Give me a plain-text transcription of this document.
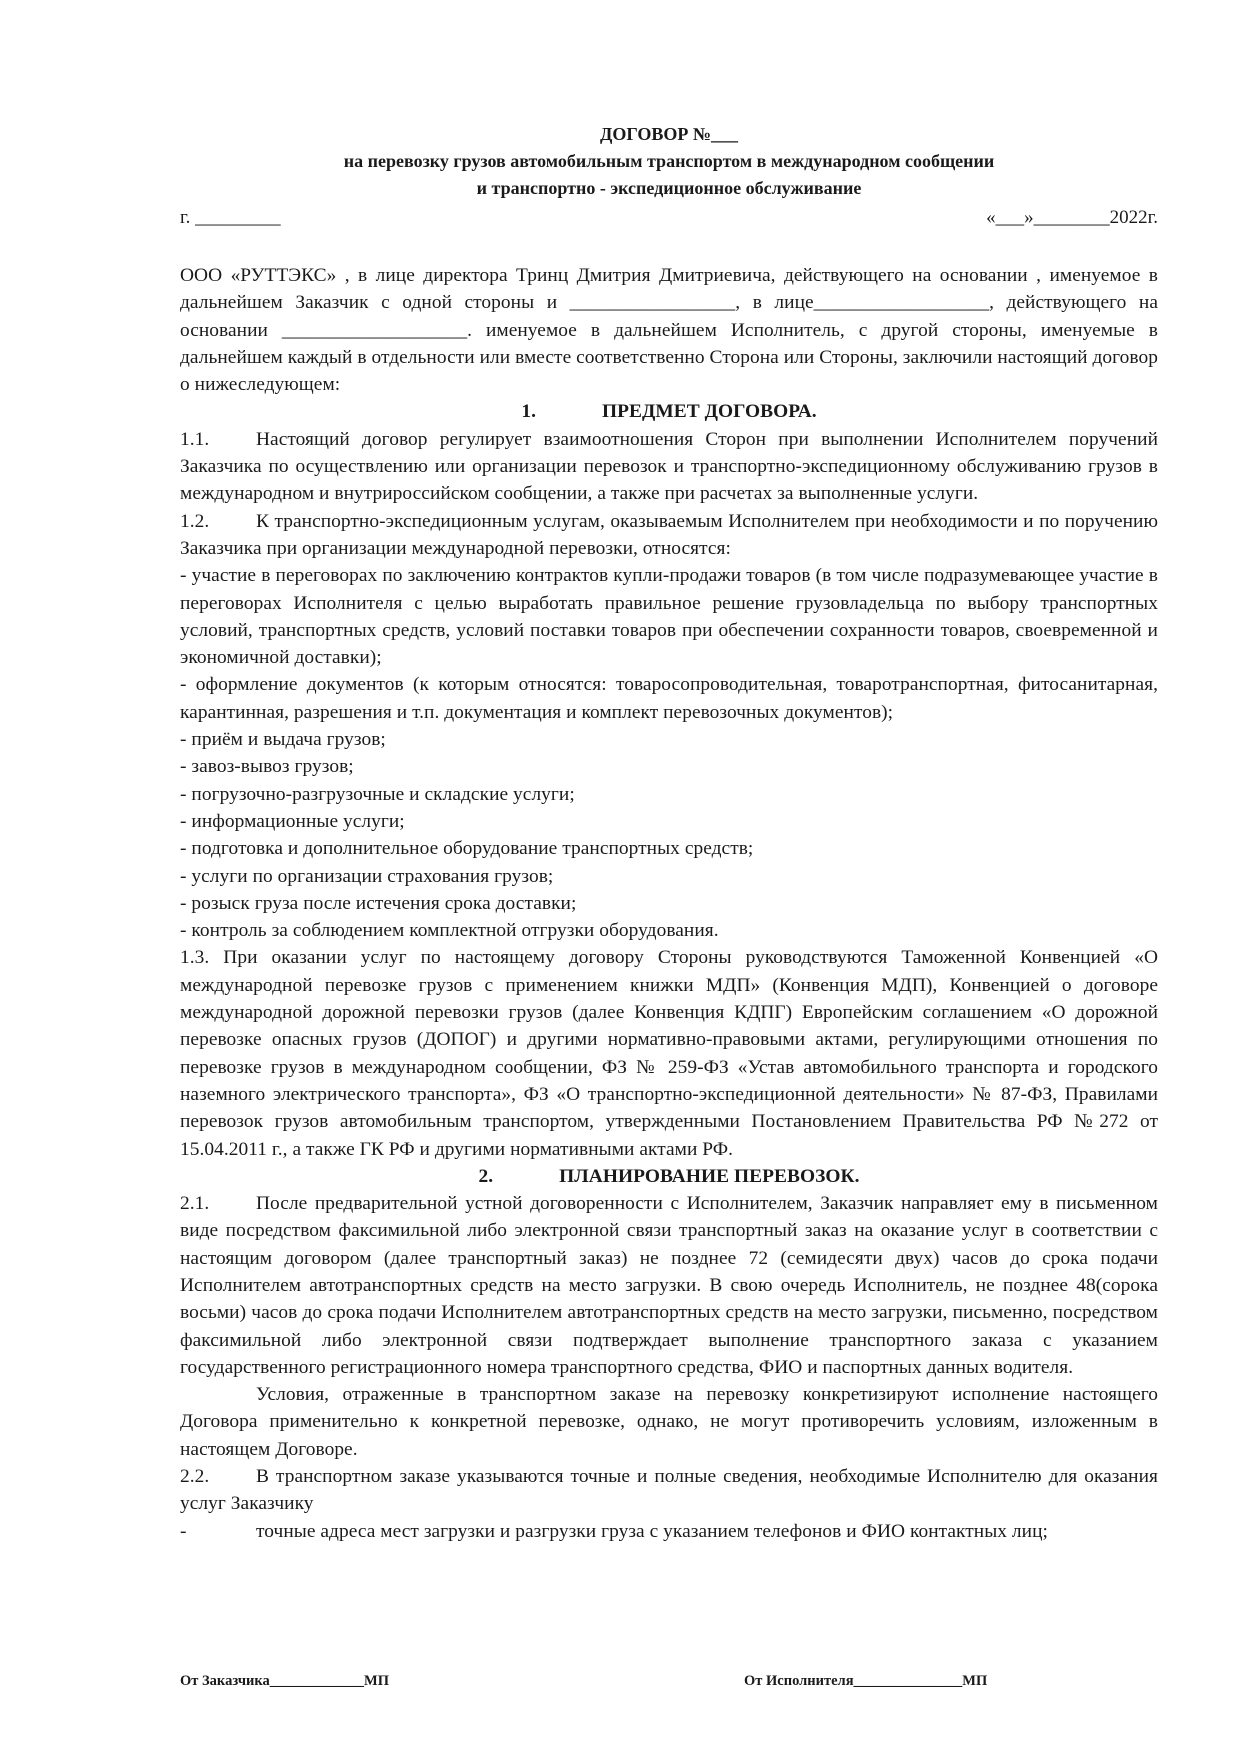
ДОГОВОР №___
на перевозку грузов автомобильным транспортом в международном сообщении
и транспортно - экспедиционное обслуживание
г. _________	«___»________2022г.

ООО «РУТТЭКС» , в лице директора Тринц Дмитрия Дмитриевича, действующего на основании , именуемое в дальнейшем Заказчик с одной стороны и _________________, в лице__________________, действующего на основании ___________________. именуемое в дальнейшем Исполнитель, с другой стороны, именуемые в дальнейшем каждый в отдельности или вместе соответственно Сторона или Стороны, заключили настоящий договор о нижеследующем:

1.	ПРЕДМЕТ ДОГОВОРА.

1.1. Настоящий договор регулирует взаимоотношения Сторон при выполнении Исполнителем поручений Заказчика по осуществлению или организации перевозок и транспортно-экспедиционному обслуживанию грузов в международном и внутрироссийском сообщении, а также при расчетах за выполненные услуги.

1.2. К транспортно-экспедиционным услугам, оказываемым Исполнителем при необходимости и по поручению Заказчика при организации международной перевозки, относятся:

- участие в переговорах по заключению контрактов купли-продажи товаров (в том числе подразумевающее участие в переговорах Исполнителя с целью выработать правильное решение грузовладельца по выбору транспортных условий, транспортных средств, условий поставки товаров при обеспечении сохранности товаров, своевременной и экономичной доставки);

- оформление документов (к которым относятся: товаросопроводительная, товаротранспортная, фитосанитарная, карантинная, разрешения и т.п. документация и комплект перевозочных документов);

- приём и выдача грузов;

- завоз-вывоз грузов;

- погрузочно-разгрузочные и складские услуги;

- информационные услуги;

- подготовка и дополнительное оборудование транспортных средств;

- услуги по организации страхования грузов;

- розыск груза после истечения срока доставки;

- контроль за соблюдением комплектной отгрузки оборудования.

1.3. При оказании услуг по настоящему договору Стороны руководствуются Таможенной Конвенцией «О международной перевозке грузов с применением книжки МДП» (Конвенция МДП), Конвенцией о договоре международной дорожной перевозки грузов (далее Конвенция КДПГ) Европейским соглашением «О дорожной перевозке опасных грузов (ДОПОГ) и другими нормативно-правовыми актами, регулирующими отношения по перевозке грузов в международном сообщении, ФЗ № 259-ФЗ «Устав автомобильного транспорта и городского наземного электрического транспорта», ФЗ «О транспортно-экспедиционной деятельности» № 87-ФЗ, Правилами перевозок грузов автомобильным транспортом, утвержденными Постановлением Правительства РФ №272 от 15.04.2011 г., а также ГК РФ и другими нормативными актами РФ.

2.	ПЛАНИРОВАНИЕ ПЕРЕВОЗОК.

2.1. После предварительной устной договоренности с Исполнителем, Заказчик направляет ему в письменном виде посредством факсимильной либо электронной связи транспортный заказ на оказание услуг в соответствии с настоящим договором (далее транспортный заказ) не позднее 72 (семидесяти двух) часов до срока подачи Исполнителем автотранспортных средств на место загрузки. В свою очередь Исполнитель, не позднее 48(сорока восьми) часов до срока подачи Исполнителем автотранспортных средств на место загрузки, письменно, посредством факсимильной либо электронной связи подтверждает выполнение транспортного заказа с указанием государственного регистрационного номера транспортного средства, ФИО и паспортных данных водителя.

Условия, отраженные в транспортном заказе на перевозку конкретизируют исполнение настоящего Договора применительно к конкретной перевозке, однако, не могут противоречить условиям, изложенным в настоящем Договоре.

2.2. В транспортном заказе указываются точные и полные сведения, необходимые Исполнителю для оказания услуг Заказчику

-	точные адреса мест загрузки и разгрузки груза с указанием телефонов и ФИО контактных лиц;

От Заказчика_____________МП	От Исполнителя_______________МП
